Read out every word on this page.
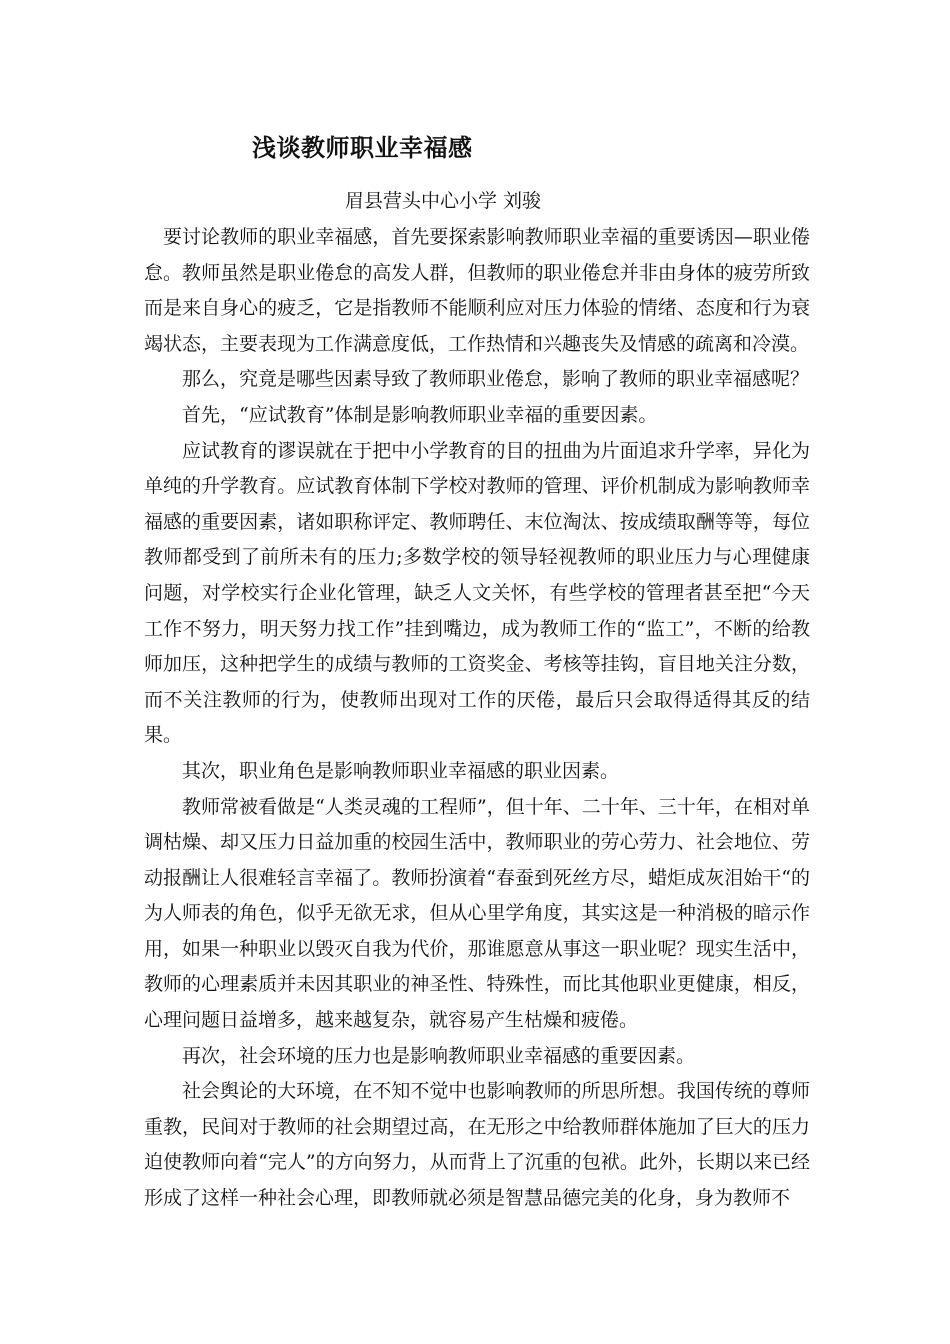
浅谈教师职业幸福感
眉县营头中心小学 刘骏

要讨论教师的职业幸福感，首先要探索影响教师职业幸福的重要诱因—职业倦怠。教师虽然是职业倦怠的高发人群，但教师的职业倦怠并非由身体的疲劳所致而是来自身心的疲乏，它是指教师不能顺利应对压力体验的情绪、态度和行为衰竭状态，主要表现为工作满意度低，工作热情和兴趣丧失及情感的疏离和冷漠。

那么，究竟是哪些因素导致了教师职业倦怠，影响了教师的职业幸福感呢？

首先，“应试教育”体制是影响教师职业幸福的重要因素。

应试教育的谬误就在于把中小学教育的目的扭曲为片面追求升学率，异化为单纯的升学教育。应试教育体制下学校对教师的管理、评价机制成为影响教师幸福感的重要因素，诸如职称评定、教师聘任、末位淘汰、按成绩取酬等等，每位教师都受到了前所未有的压力;多数学校的领导轻视教师的职业压力与心理健康问题，对学校实行企业化管理，缺乏人文关怀，有些学校的管理者甚至把“今天工作不努力，明天努力找工作”挂到嘴边，成为教师工作的“监工”，不断的给教师加压，这种把学生的成绩与教师的工资奖金、考核等挂钩，盲目地关注分数，而不关注教师的行为，使教师出现对工作的厌倦，最后只会取得适得其反的结果。

其次，职业角色是影响教师职业幸福感的职业因素。

教师常被看做是“人类灵魂的工程师”，但十年、二十年、三十年，在相对单调枯燥、却又压力日益加重的校园生活中，教师职业的劳心劳力、社会地位、劳动报酬让人很难轻言幸福了。教师扮演着“春蚕到死丝方尽，蜡炬成灰泪始干“的为人师表的角色，似乎无欲无求，但从心里学角度，其实这是一种消极的暗示作用，如果一种职业以毁灭自我为代价，那谁愿意从事这一职业呢？现实生活中，教师的心理素质并未因其职业的神圣性、特殊性，而比其他职业更健康，相反，心理问题日益增多，越来越复杂，就容易产生枯燥和疲倦。

再次，社会环境的压力也是影响教师职业幸福感的重要因素。

社会舆论的大环境，在不知不觉中也影响教师的所思所想。我国传统的尊师重教，民间对于教师的社会期望过高，在无形之中给教师群体施加了巨大的压力迫使教师向着“完人”的方向努力，从而背上了沉重的包袱。此外，长期以来已经形成了这样一种社会心理，即教师就必须是智慧品德完美的化身，身为教师不
